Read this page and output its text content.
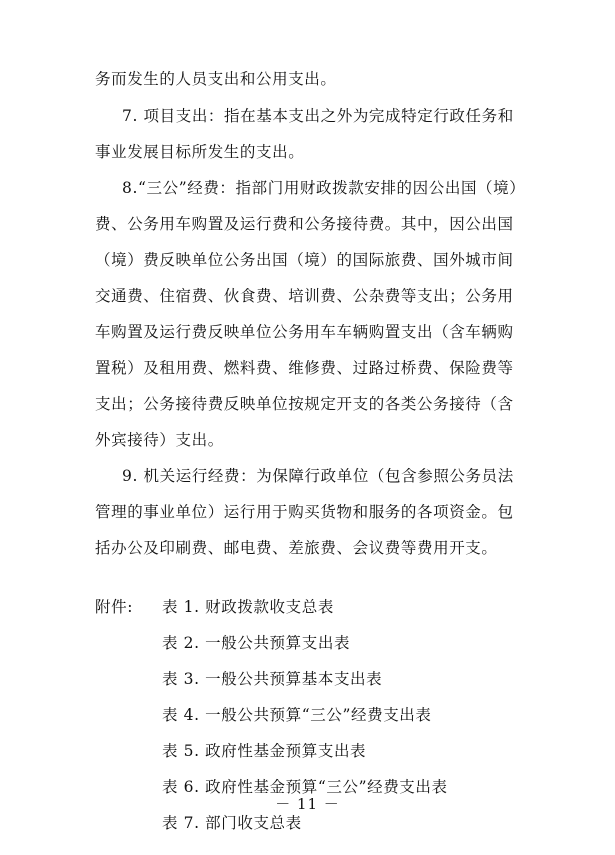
务而发生的人员支出和公用支出。
7. 项目支出：指在基本支出之外为完成特定行政任务和
事业发展目标所发生的支出。
8.“三公”经费：指部门用财政拨款安排的因公出国（境）
费、公务用车购置及运行费和公务接待费。其中，因公出国
（境）费反映单位公务出国（境）的国际旅费、国外城市间
交通费、住宿费、伙食费、培训费、公杂费等支出；公务用
车购置及运行费反映单位公务用车车辆购置支出（含车辆购
置税）及租用费、燃料费、维修费、过路过桥费、保险费等
支出；公务接待费反映单位按规定开支的各类公务接待（含
外宾接待）支出。
9. 机关运行经费：为保障行政单位（包含参照公务员法
管理的事业单位）运行用于购买货物和服务的各项资金。包
括办公及印刷费、邮电费、差旅费、会议费等费用开支。
附件: 表 1. 财政拨款收支总表
表 2. 一般公共预算支出表
表 3. 一般公共预算基本支出表
表 4. 一般公共预算“三公”经费支出表
表 5. 政府性基金预算支出表
表 6. 政府性基金预算“三公”经费支出表
表 7. 部门收支总表
－ 11 －
